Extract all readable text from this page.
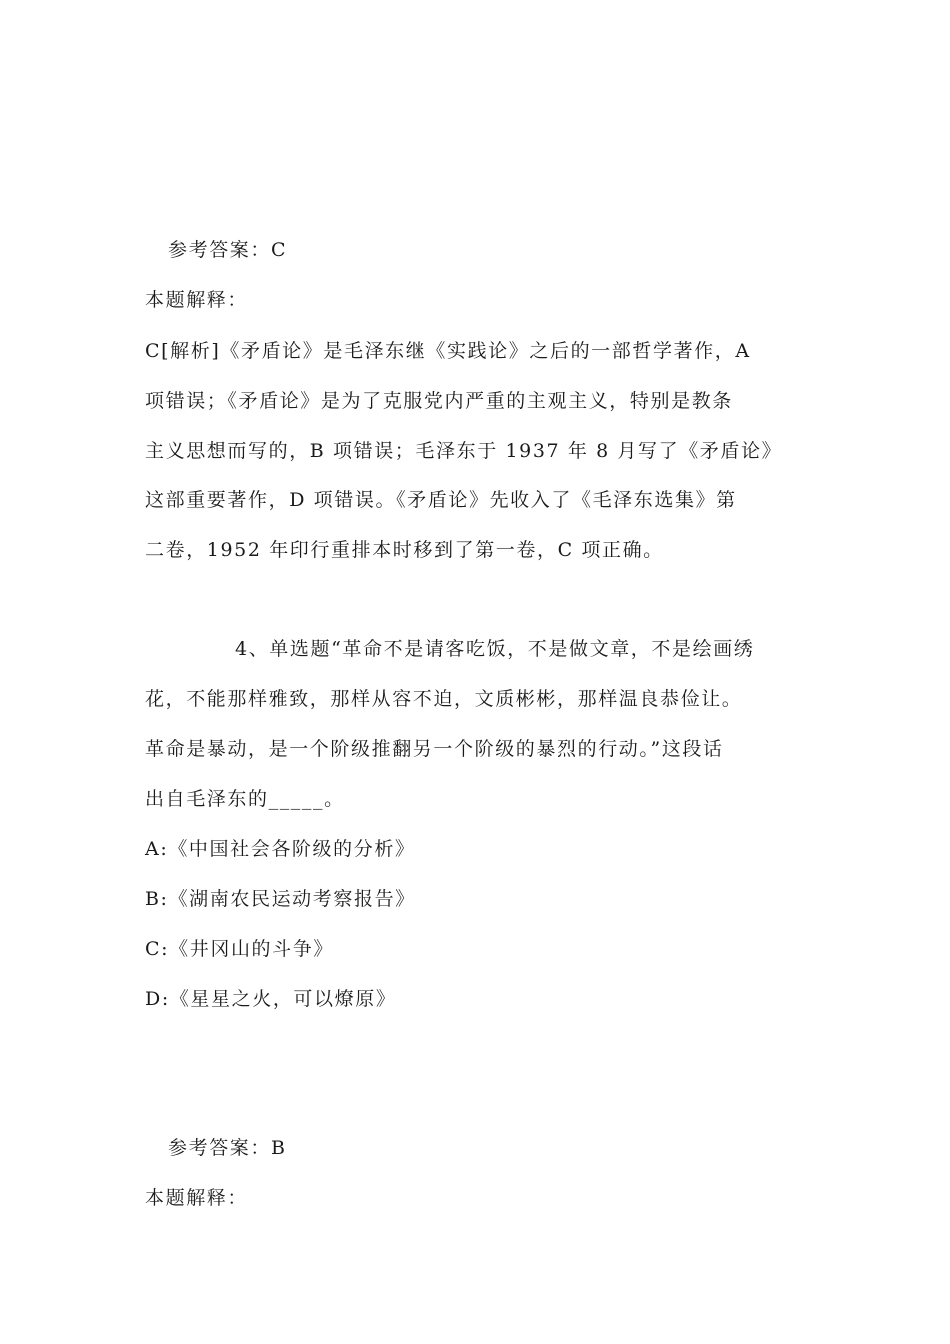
参考答案：C
本题解释：
C[解析]《矛盾论》是毛泽东继《实践论》之后的一部哲学著作，A
项错误；《矛盾论》是为了克服党内严重的主观主义，特别是教条
主义思想而写的，B 项错误；毛泽东于 1937 年 8 月写了《矛盾论》
这部重要著作，D 项错误。《矛盾论》先收入了《毛泽东选集》第
二卷，1952 年印行重排本时移到了第一卷，C 项正确。
4、单选题“革命不是请客吃饭，不是做文章，不是绘画绣
花，不能那样雅致，那样从容不迫，文质彬彬，那样温良恭俭让。
革命是暴动，是一个阶级推翻另一个阶级的暴烈的行动。”这段话
出自毛泽东的_____。
A:《中国社会各阶级的分析》
B:《湖南农民运动考察报告》
C:《井冈山的斗争》
D:《星星之火，可以燎原》
参考答案：B
本题解释：
